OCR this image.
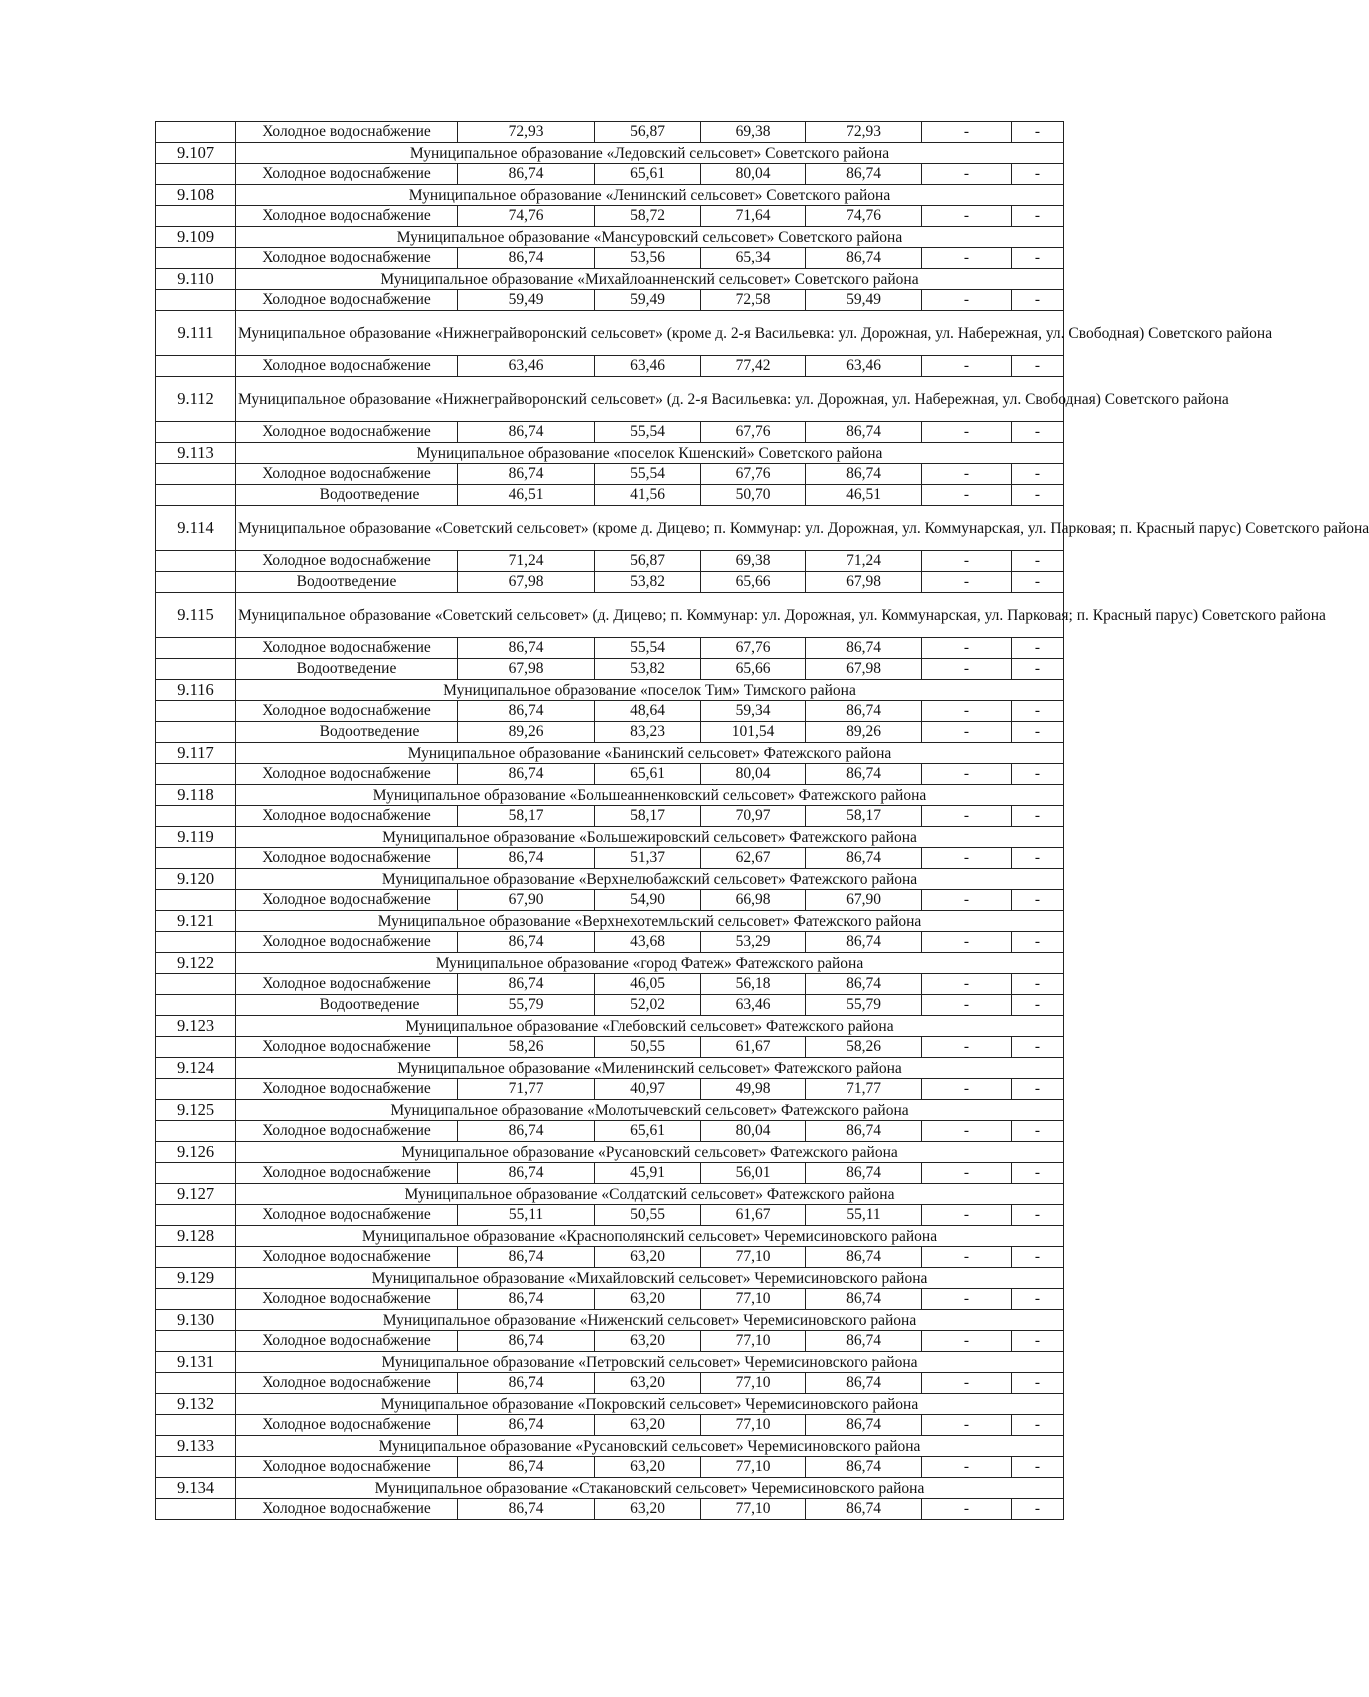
	Холодное водоснабжение	72,93	56,87	69,38	72,93	-	-
9.107	Муниципальное образование «Ледовский сельсовет» Советского района						
	Холодное водоснабжение	86,74	65,61	80,04	86,74	-	-
9.108	Муниципальное образование «Ленинский сельсовет» Советского района						
	Холодное водоснабжение	74,76	58,72	71,64	74,76	-	-
9.109	Муниципальное образование «Мансуровский сельсовет» Советского района						
	Холодное водоснабжение	86,74	53,56	65,34	86,74	-	-
9.110	Муниципальное образование «Михайлоанненский сельсовет» Советского района						
	Холодное водоснабжение	59,49	59,49	72,58	59,49	-	-
9.111	Муниципальное образование «Нижнеграйворонский сельсовет» (кроме д. 2-я Васильевка: ул. Дорожная, ул. Набережная, ул. Свободная) Советского района						
	Холодное водоснабжение	63,46	63,46	77,42	63,46	-	-
9.112	Муниципальное образование «Нижнеграйворонский сельсовет» (д. 2-я Васильевка: ул. Дорожная, ул. Набережная, ул. Свободная) Советского района						
	Холодное водоснабжение	86,74	55,54	67,76	86,74	-	-
9.113	Муниципальное образование «поселок Кшенский» Советского района						
	Холодное водоснабжение	86,74	55,54	67,76	86,74	-	-
	Водоотведение	46,51	41,56	50,70	46,51	-	-
9.114	Муниципальное образование «Советский сельсовет» (кроме д. Дицево; п. Коммунар: ул. Дорожная, ул. Коммунарская, ул. Парковая; п. Красный парус) Советского района						
	Холодное водоснабжение	71,24	56,87	69,38	71,24	-	-
	Водоотведение	67,98	53,82	65,66	67,98	-	-
9.115	Муниципальное образование «Советский сельсовет» (д. Дицево; п. Коммунар: ул. Дорожная, ул. Коммунарская, ул. Парковая; п. Красный парус) Советского района						
	Холодное водоснабжение	86,74	55,54	67,76	86,74	-	-
	Водоотведение	67,98	53,82	65,66	67,98	-	-
9.116	Муниципальное образование «поселок Тим» Тимского района						
	Холодное водоснабжение	86,74	48,64	59,34	86,74	-	-
	Водоотведение	89,26	83,23	101,54	89,26	-	-
9.117	Муниципальное образование «Банинский сельсовет» Фатежского района						
	Холодное водоснабжение	86,74	65,61	80,04	86,74	-	-
9.118	Муниципальное образование «Большеанненковский сельсовет» Фатежского района						
	Холодное водоснабжение	58,17	58,17	70,97	58,17	-	-
9.119	Муниципальное образование «Большежировский сельсовет» Фатежского района						
	Холодное водоснабжение	86,74	51,37	62,67	86,74	-	-
9.120	Муниципальное образование «Верхнелюбажский сельсовет» Фатежского района						
	Холодное водоснабжение	67,90	54,90	66,98	67,90	-	-
9.121	Муниципальное образование «Верхнехотемльский сельсовет» Фатежского района						
	Холодное водоснабжение	86,74	43,68	53,29	86,74	-	-
9.122	Муниципальное образование «город Фатеж» Фатежского района						
	Холодное водоснабжение	86,74	46,05	56,18	86,74	-	-
	Водоотведение	55,79	52,02	63,46	55,79	-	-
9.123	Муниципальное образование «Глебовский сельсовет» Фатежского района						
	Холодное водоснабжение	58,26	50,55	61,67	58,26	-	-
9.124	Муниципальное образование «Миленинский сельсовет» Фатежского района						
	Холодное водоснабжение	71,77	40,97	49,98	71,77	-	-
9.125	Муниципальное образование «Молотычевский сельсовет» Фатежского района						
	Холодное водоснабжение	86,74	65,61	80,04	86,74	-	-
9.126	Муниципальное образование «Русановский сельсовет» Фатежского района						
	Холодное водоснабжение	86,74	45,91	56,01	86,74	-	-
9.127	Муниципальное образование «Солдатский сельсовет» Фатежского района						
	Холодное водоснабжение	55,11	50,55	61,67	55,11	-	-
9.128	Муниципальное образование «Краснополянский сельсовет» Черемисиновского района						
	Холодное водоснабжение	86,74	63,20	77,10	86,74	-	-
9.129	Муниципальное образование «Михайловский сельсовет» Черемисиновского района						
	Холодное водоснабжение	86,74	63,20	77,10	86,74	-	-
9.130	Муниципальное образование «Ниженский сельсовет» Черемисиновского района						
	Холодное водоснабжение	86,74	63,20	77,10	86,74	-	-
9.131	Муниципальное образование «Петровский сельсовет» Черемисиновского района						
	Холодное водоснабжение	86,74	63,20	77,10	86,74	-	-
9.132	Муниципальное образование «Покровский сельсовет» Черемисиновского района						
	Холодное водоснабжение	86,74	63,20	77,10	86,74	-	-
9.133	Муниципальное образование «Русановский сельсовет» Черемисиновского района						
	Холодное водоснабжение	86,74	63,20	77,10	86,74	-	-
9.134	Муниципальное образование «Стакановский сельсовет» Черемисиновского района						
	Холодное водоснабжение	86,74	63,20	77,10	86,74	-	-
